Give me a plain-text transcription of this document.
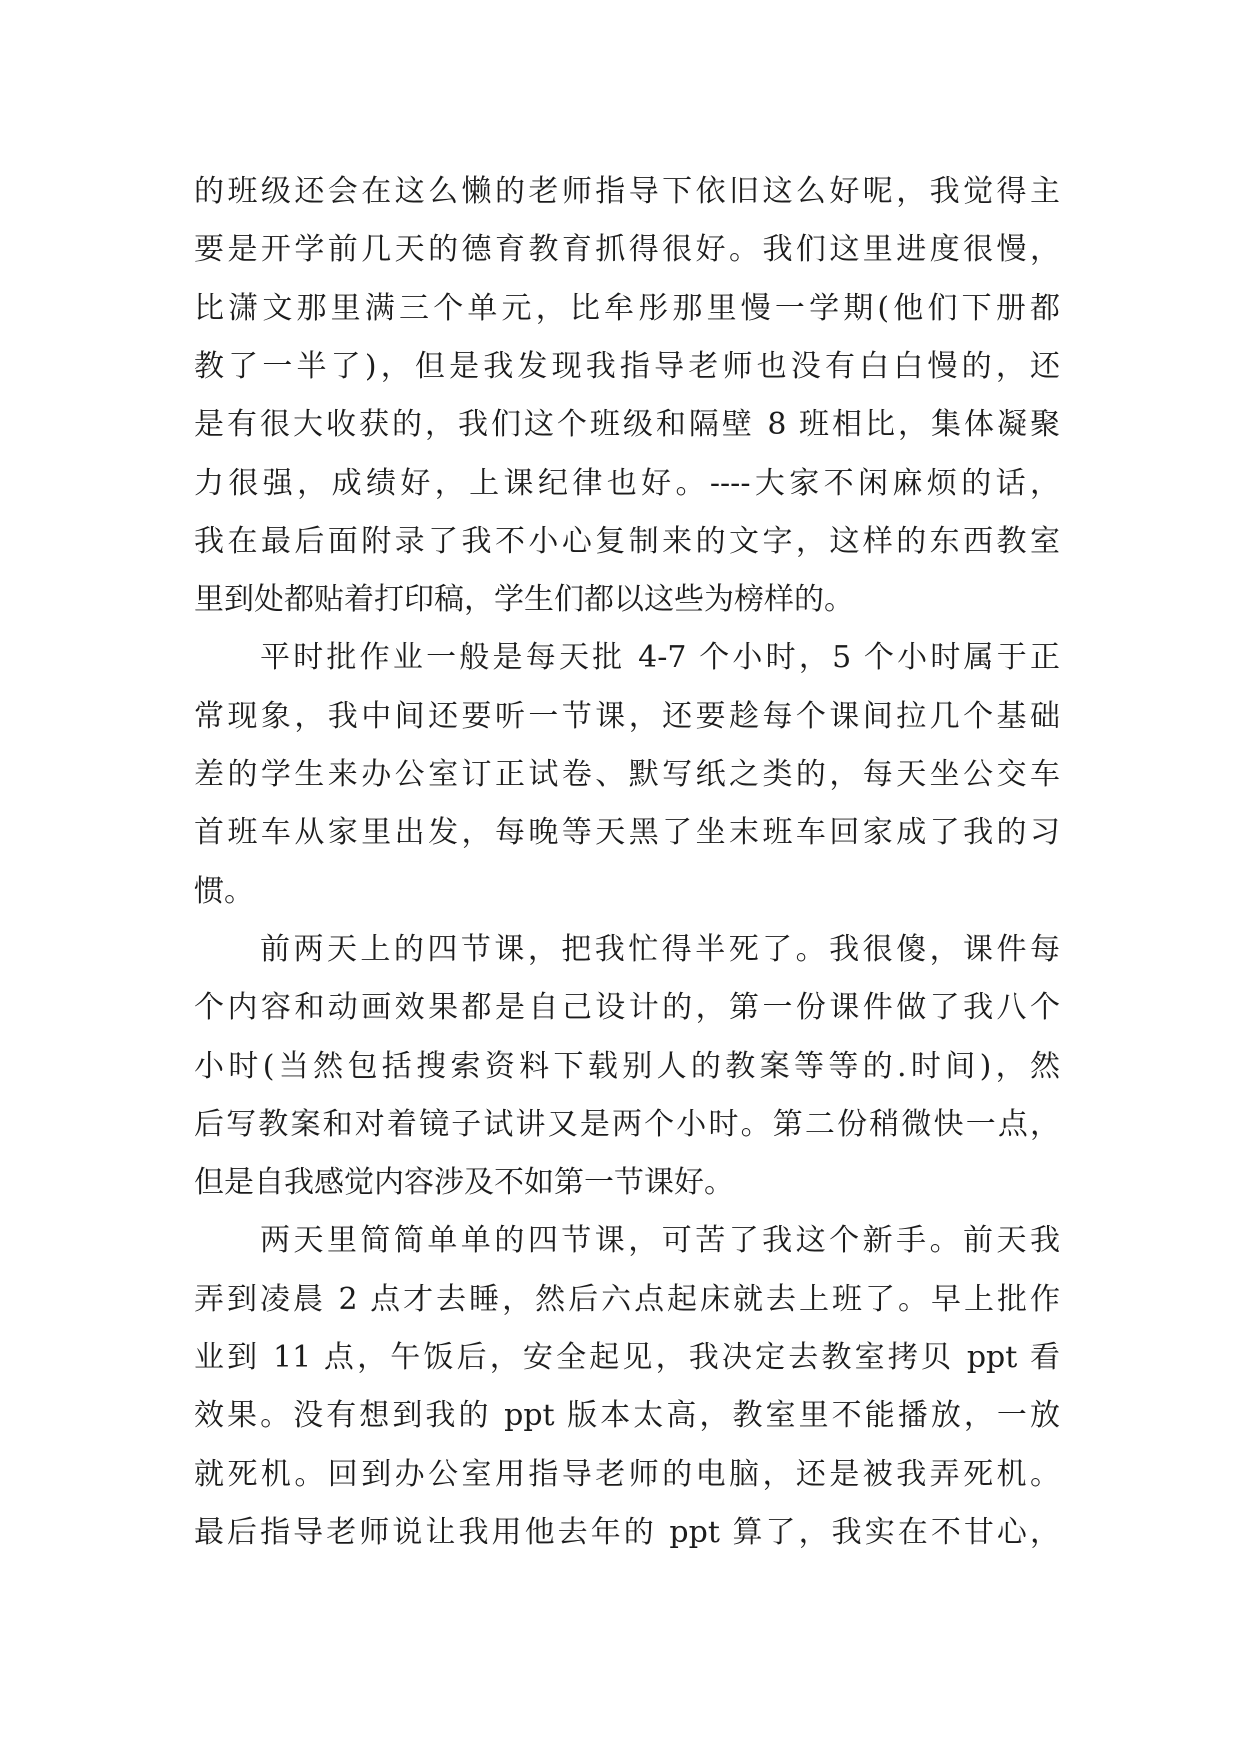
的班级还会在这么懒的老师指导下依旧这么好呢，我觉得主
要是开学前几天的德育教育抓得很好。我们这里进度很慢，
比潇文那里满三个单元，比牟彤那里慢一学期(他们下册都
教了一半了)，但是我发现我指导老师也没有白白慢的，还
是有很大收获的，我们这个班级和隔壁 8 班相比，集体凝聚
力很强，成绩好，上课纪律也好。----大家不闲麻烦的话，
我在最后面附录了我不小心复制来的文字，这样的东西教室
里到处都贴着打印稿，学生们都以这些为榜样的。
平时批作业一般是每天批 4-7 个小时，5 个小时属于正
常现象，我中间还要听一节课，还要趁每个课间拉几个基础
差的学生来办公室订正试卷、默写纸之类的，每天坐公交车
首班车从家里出发，每晚等天黑了坐末班车回家成了我的习
惯。
前两天上的四节课，把我忙得半死了。我很傻，课件每
个内容和动画效果都是自己设计的，第一份课件做了我八个
小时(当然包括搜索资料下载别人的教案等等的.时间)，然
后写教案和对着镜子试讲又是两个小时。第二份稍微快一点，
但是自我感觉内容涉及不如第一节课好。
两天里简简单单的四节课，可苦了我这个新手。前天我
弄到凌晨 2 点才去睡，然后六点起床就去上班了。早上批作
业到 11 点，午饭后，安全起见，我决定去教室拷贝 ppt 看
效果。没有想到我的 ppt 版本太高，教室里不能播放，一放
就死机。回到办公室用指导老师的电脑，还是被我弄死机。
最后指导老师说让我用他去年的 ppt 算了，我实在不甘心，
